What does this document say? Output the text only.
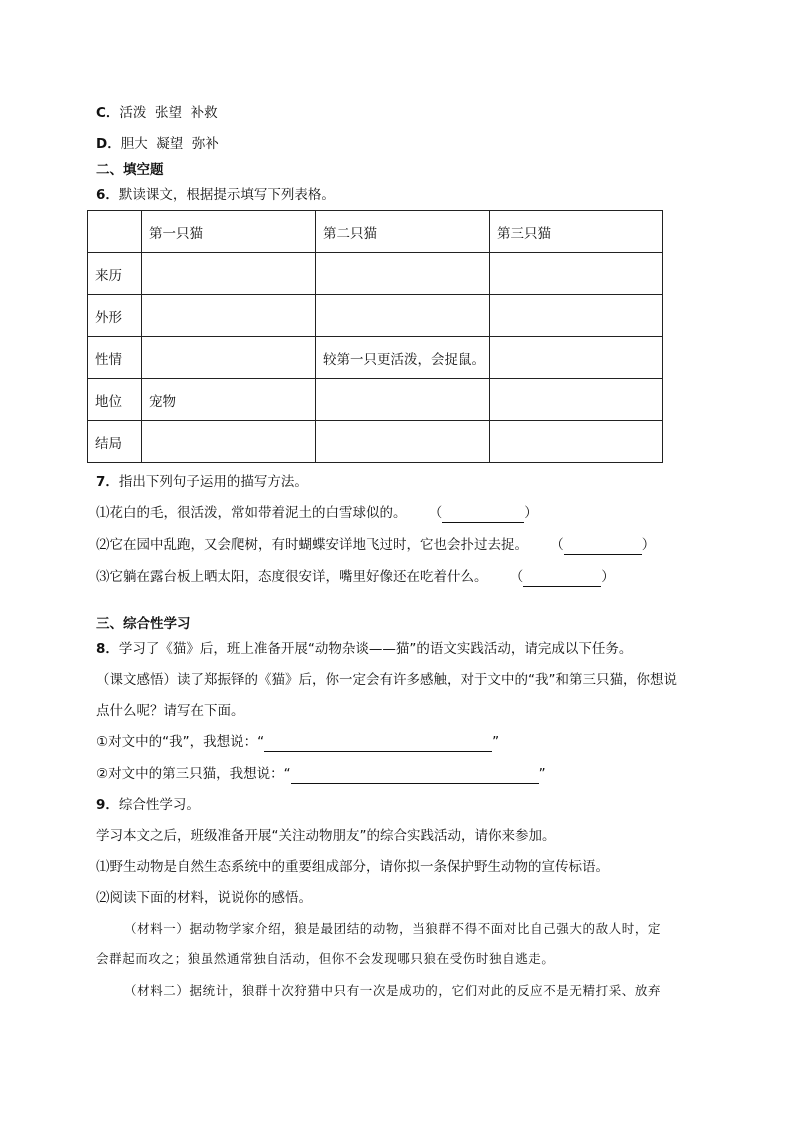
C．活泼  张望  补救
D．胆大  凝望  弥补
二、填空题
6．默读课文，根据提示填写下列表格。
	第一只猫	第二只猫	第三只猫
来历			
外形			
性情		较第一只更活泼，会捉鼠。	
地位	宠物		
结局			
7．指出下列句子运用的描写方法。
⑴花白的毛，很活泼，常如带着泥土的白雪球似的。 （	）
⑵它在园中乱跑，又会爬树，有时蝴蝶安详地飞过时，它也会扑过去捉。 （	）
⑶它躺在露台板上晒太阳，态度很安详，嘴里好像还在吃着什么。 （	）
三、综合性学习
8．学习了《猫》后，班上准备开展“动物杂谈——猫”的语文实践活动，请完成以下任务。
（课文感悟）读了郑振铎的《猫》后，你一定会有许多感触，对于文中的“我”和第三只猫，你想说
点什么呢？请写在下面。
①对文中的“我”，我想说：“	”
②对文中的第三只猫，我想说：“	”
9．综合性学习。
学习本文之后，班级准备开展“关注动物朋友”的综合实践活动，请你来参加。
⑴野生动物是自然生态系统中的重要组成部分，请你拟一条保护野生动物的宣传标语。
⑵阅读下面的材料，说说你的感悟。
（材料一）据动物学家介绍，狼是最团结的动物，当狼群不得不面对比自己强大的敌人时，定
会群起而攻之；狼虽然通常独自活动，但你不会发现哪只狼在受伤时独自逃走。
（材料二）据统计，狼群十次狩猎中只有一次是成功的，它们对此的反应不是无精打采、放弃
